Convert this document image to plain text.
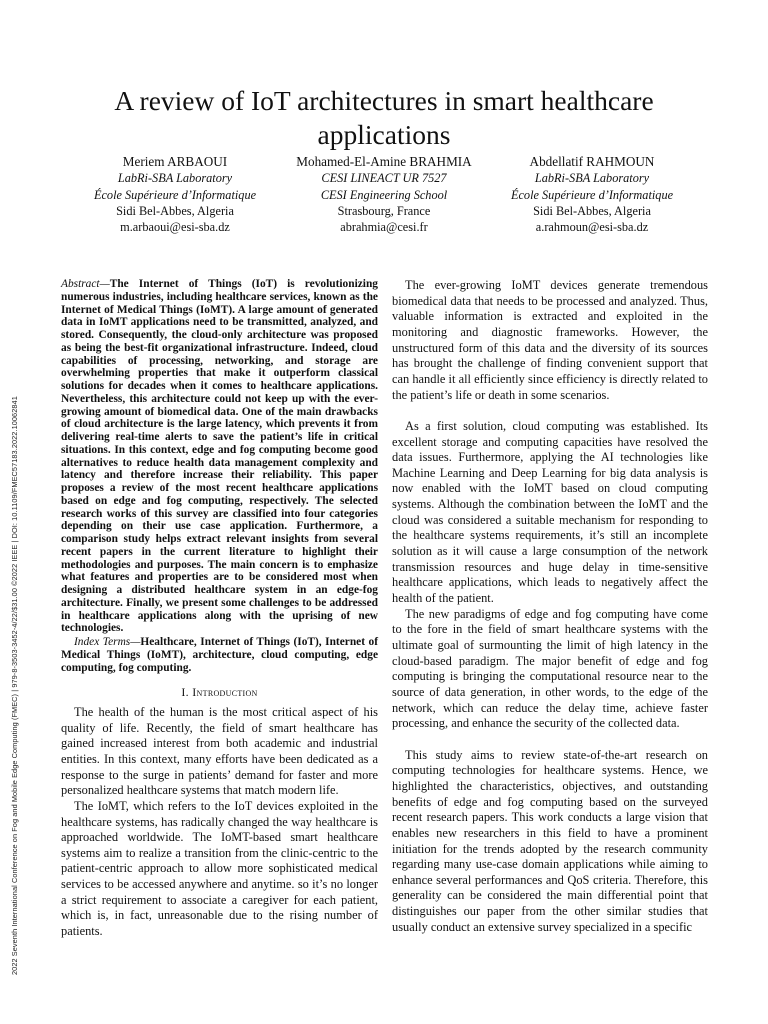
2022 Seventh International Conference on Fog and Mobile Edge Computing (FMEC) | 979-8-3503-3452-4/22/$31.00 ©2022 IEEE | DOI: 10.1109/FMEC57183.2022.10062841
A review of IoT architectures in smart healthcare applications
Meriem ARBAOUI
LabRi-SBA Laboratory
École Supérieure d’Informatique
Sidi Bel-Abbes, Algeria
m.arbaoui@esi-sba.dz
Mohamed-El-Amine BRAHMIA
CESI LINEACT UR 7527
CESI Engineering School
Strasbourg, France
abrahmia@cesi.fr
Abdellatif RAHMOUN
LabRi-SBA Laboratory
École Supérieure d’Informatique
Sidi Bel-Abbes, Algeria
a.rahmoun@esi-sba.dz
Abstract—The Internet of Things (IoT) is revolutionizing numerous industries, including healthcare services, known as the Internet of Medical Things (IoMT). A large amount of generated data in IoMT applications need to be transmitted, analyzed, and stored. Consequently, the cloud-only architecture was proposed as being the best-fit organizational infrastructure. Indeed, cloud capabilities of processing, networking, and storage are overwhelming properties that make it outperform classical solutions for decades when it comes to healthcare applications. Nevertheless, this architecture could not keep up with the ever-growing amount of biomedical data. One of the main drawbacks of cloud architecture is the large latency, which prevents it from delivering real-time alerts to save the patient’s life in critical situations. In this context, edge and fog computing become good alternatives to reduce health data management complexity and latency and therefore increase their reliability. This paper proposes a review of the most recent healthcare applications based on edge and fog computing, respectively. The selected research works of this survey are classified into four categories depending on their use case application. Furthermore, a comparison study helps extract relevant insights from several recent papers in the current literature to highlight their methodologies and purposes. The main concern is to emphasize what features and properties are to be considered most when designing a distributed healthcare system in an edge-fog architecture. Finally, we present some challenges to be addressed in healthcare applications along with the uprising of new technologies.
Index Terms—Healthcare, Internet of Things (IoT), Internet of Medical Things (IoMT), architecture, cloud computing, edge computing, fog computing.
I. Introduction

The health of the human is the most critical aspect of his quality of life. Recently, the field of smart healthcare has gained increased interest from both academic and industrial entities. In this context, many efforts have been dedicated as a response to the surge in patients’ demand for faster and more personalized healthcare systems that match modern life.

The IoMT, which refers to the IoT devices exploited in the healthcare systems, has radically changed the way healthcare is approached worldwide. The IoMT-based smart healthcare systems aim to realize a transition from the clinic-centric to the patient-centric approach to allow more sophisticated medical services to be accessed anywhere and anytime. so it’s no longer a strict requirement to associate a caregiver for each patient, which is, in fact, unreasonable due to the rising number of patients.

The ever-growing IoMT devices generate tremendous biomedical data that needs to be processed and analyzed. Thus, valuable information is extracted and exploited in the monitoring and diagnostic frameworks. However, the unstructured form of this data and the diversity of its sources has brought the challenge of finding convenient support that can handle it all efficiently since efficiency is directly related to the patient’s life or death in some scenarios.

As a first solution, cloud computing was established. Its excellent storage and computing capacities have resolved the data issues. Furthermore, applying the AI technologies like Machine Learning and Deep Learning for big data analysis is now enabled with the IoMT based on cloud computing systems. Although the combination between the IoMT and the cloud was considered a suitable mechanism for responding to the healthcare systems requirements, it’s still an incomplete solution as it will cause a large consumption of the network transmission resources and huge delay in time-sensitive healthcare applications, which leads to negatively affect the health of the patient.

The new paradigms of edge and fog computing have come to the fore in the field of smart healthcare systems with the ultimate goal of surmounting the limit of high latency in the cloud-based paradigm. The major benefit of edge and fog computing is bringing the computational resource near to the source of data generation, in other words, to the edge of the network, which can reduce the delay time, achieve faster processing, and enhance the security of the collected data.

This study aims to review state-of-the-art research on computing technologies for healthcare systems. Hence, we highlighted the characteristics, objectives, and outstanding benefits of edge and fog computing based on the surveyed recent research papers. This work conducts a large vision that enables new researchers in this field to have a prominent initiation for the trends adopted by the research community regarding many use-case domain applications while aiming to enhance several performances and QoS criteria. Therefore, this generality can be considered the main differential point that distinguishes our paper from the other similar studies that usually conduct an extensive survey specialized in a specific
